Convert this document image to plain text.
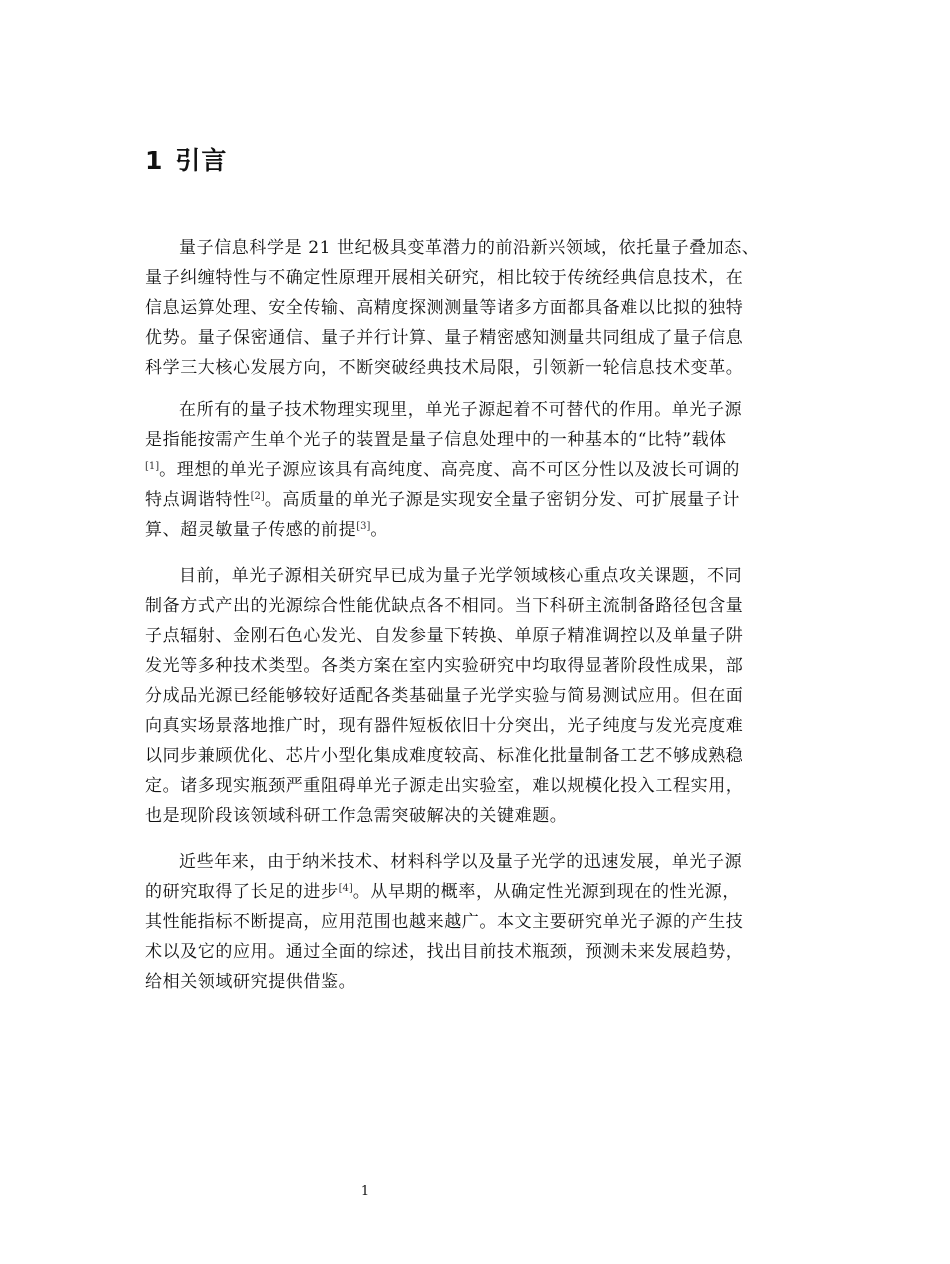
1 引言

量子信息科学是 21 世纪极具变革潜力的前沿新兴领域，依托量子叠加态、
量子纠缠特性与不确定性原理开展相关研究，相比较于传统经典信息技术，在
信息运算处理、安全传输、高精度探测测量等诸多方面都具备难以比拟的独特
优势。量子保密通信、量子并行计算、量子精密感知测量共同组成了量子信息
科学三大核心发展方向，不断突破经典技术局限，引领新一轮信息技术变革。

在所有的量子技术物理实现里，单光子源起着不可替代的作用。单光子源
是指能按需产生单个光子的装置是量子信息处理中的一种基本的“比特”载体
[1]。理想的单光子源应该具有高纯度、高亮度、高不可区分性以及波长可调的
特点调谐特性[2]。高质量的单光子源是实现安全量子密钥分发、可扩展量子计
算、超灵敏量子传感的前提[3]。

目前，单光子源相关研究早已成为量子光学领域核心重点攻关课题，不同
制备方式产出的光源综合性能优缺点各不相同。当下科研主流制备路径包含量
子点辐射、金刚石色心发光、自发参量下转换、单原子精准调控以及单量子阱
发光等多种技术类型。各类方案在室内实验研究中均取得显著阶段性成果，部
分成品光源已经能够较好适配各类基础量子光学实验与简易测试应用。但在面
向真实场景落地推广时，现有器件短板依旧十分突出，光子纯度与发光亮度难
以同步兼顾优化、芯片小型化集成难度较高、标准化批量制备工艺不够成熟稳
定。诸多现实瓶颈严重阻碍单光子源走出实验室，难以规模化投入工程实用，
也是现阶段该领域科研工作急需突破解决的关键难题。

近些年来，由于纳米技术、材料科学以及量子光学的迅速发展，单光子源
的研究取得了长足的进步[4]。从早期的概率，从确定性光源到现在的性光源，
其性能指标不断提高，应用范围也越来越广。本文主要研究单光子源的产生技
术以及它的应用。通过全面的综述，找出目前技术瓶颈，预测未来发展趋势，
给相关领域研究提供借鉴。

1
